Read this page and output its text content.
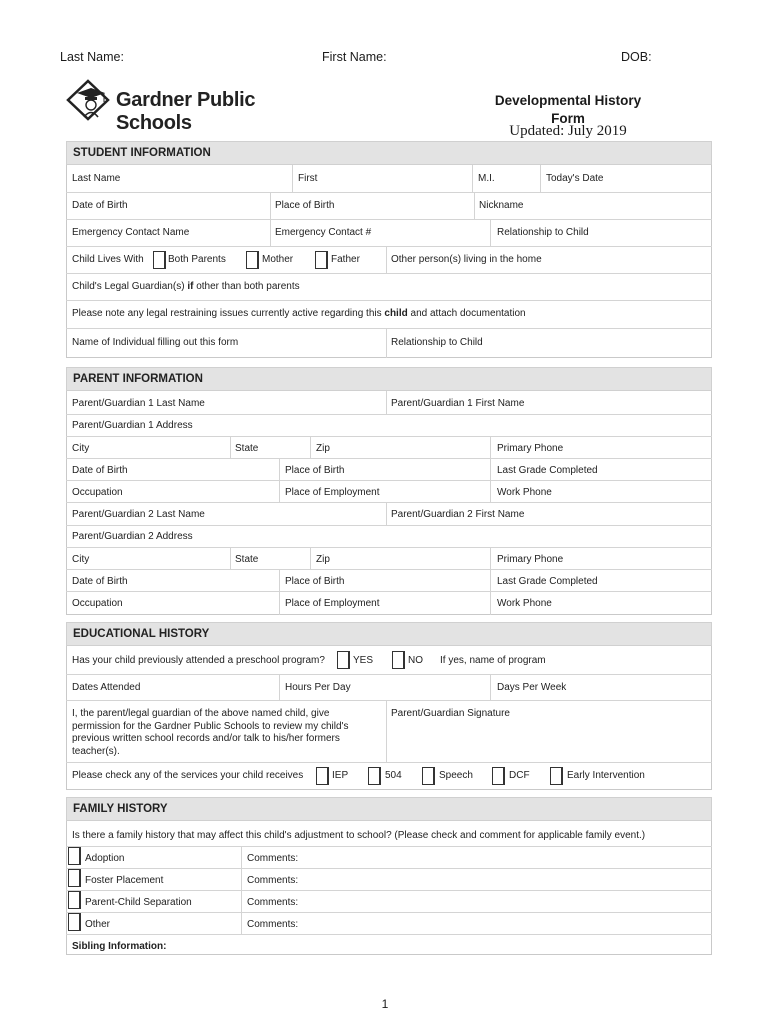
Last Name:	First Name:	DOB:
Gardner Public Schools
Developmental History Form
Updated: July 2019
STUDENT INFORMATION
Last Name	First	M.I.	Today's Date
Date of Birth	Place of Birth	Nickname
Emergency Contact Name	Emergency Contact #	Relationship to Child
Child Lives With Both Parents	Mother	Father	Other person(s) living in the home
Child's Legal Guardian(s) if other than both parents
Please note any legal restraining issues currently active regarding this child and attach documentation
Name of Individual filling out this form	Relationship to Child
PARENT INFORMATION
Parent/Guardian 1 Last Name	Parent/Guardian 1 First Name
Parent/Guardian 1 Address
City	State	Zip	Primary Phone
Date of Birth	Place of Birth	Last Grade Completed
Occupation	Place of Employment	Work Phone
Parent/Guardian 2 Last Name	Parent/Guardian 2 First Name
Parent/Guardian 2 Address
City	State	Zip	Primary Phone
Date of Birth	Place of Birth	Last Grade Completed
Occupation	Place of Employment	Work Phone
EDUCATIONAL HISTORY
Has your child previously attended a preschool program?	YES	NO If yes, name of program
Dates Attended	Hours Per Day	Days Per Week
I, the parent/legal guardian of the above named child, give permission for the Gardner Public Schools to review my child's previous written school records and/or talk to his/her formers teacher(s).
Parent/Guardian Signature
Please check any of the services your child receives	IEP	504	Speech	DCF	Early Intervention
FAMILY HISTORY
Is there a family history that may affect this child's adjustment to school? (Please check and comment for applicable family event.)
Adoption	Comments:
Foster Placement	Comments:
Parent-Child Separation	Comments:
Other	Comments:
Sibling Information:
1
